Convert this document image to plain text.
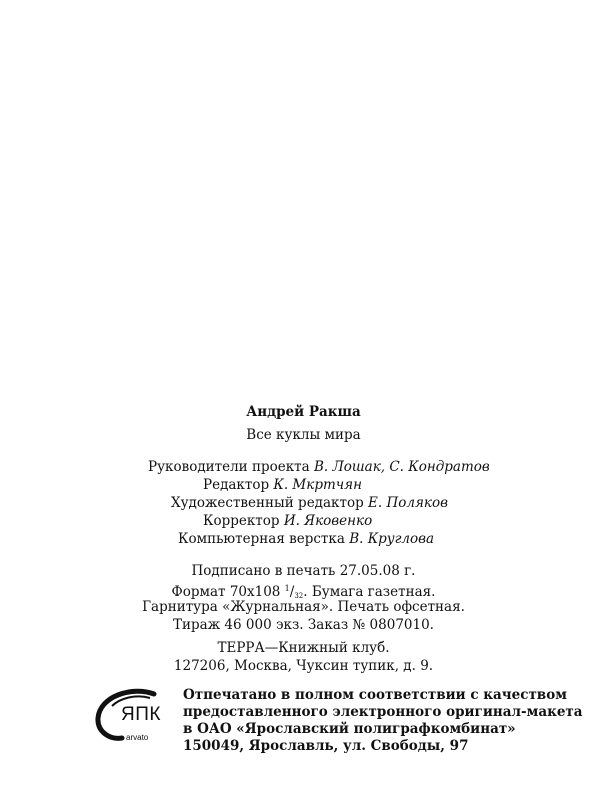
Андрей Ракша
Все куклы мира
Руководители проекта В. Лошак, С. Кондратов
Редактор К. Мкртчян
Художественный редактор Е. Поляков
Корректор И. Яковенко
Компьютерная верстка В. Круглова
Подписано в печать 27.05.08 г.
Формат 70x108 $^1/_{32}$. Бумага газетная.
Гарнитура «Журнальная». Печать офсетная.
Тираж 46 000 экз. Заказ № 0807010.
ТЕРРА—Книжный клуб.
127206, Москва, Чуксин тупик, д. 9.
ЯПК
arvato
Отпечатано в полном соответствии с качеством
предоставленного электронного оригинал-макета
в ОАО «Ярославский полиграфкомбинат»
150049, Ярославль, ул. Свободы, 97
